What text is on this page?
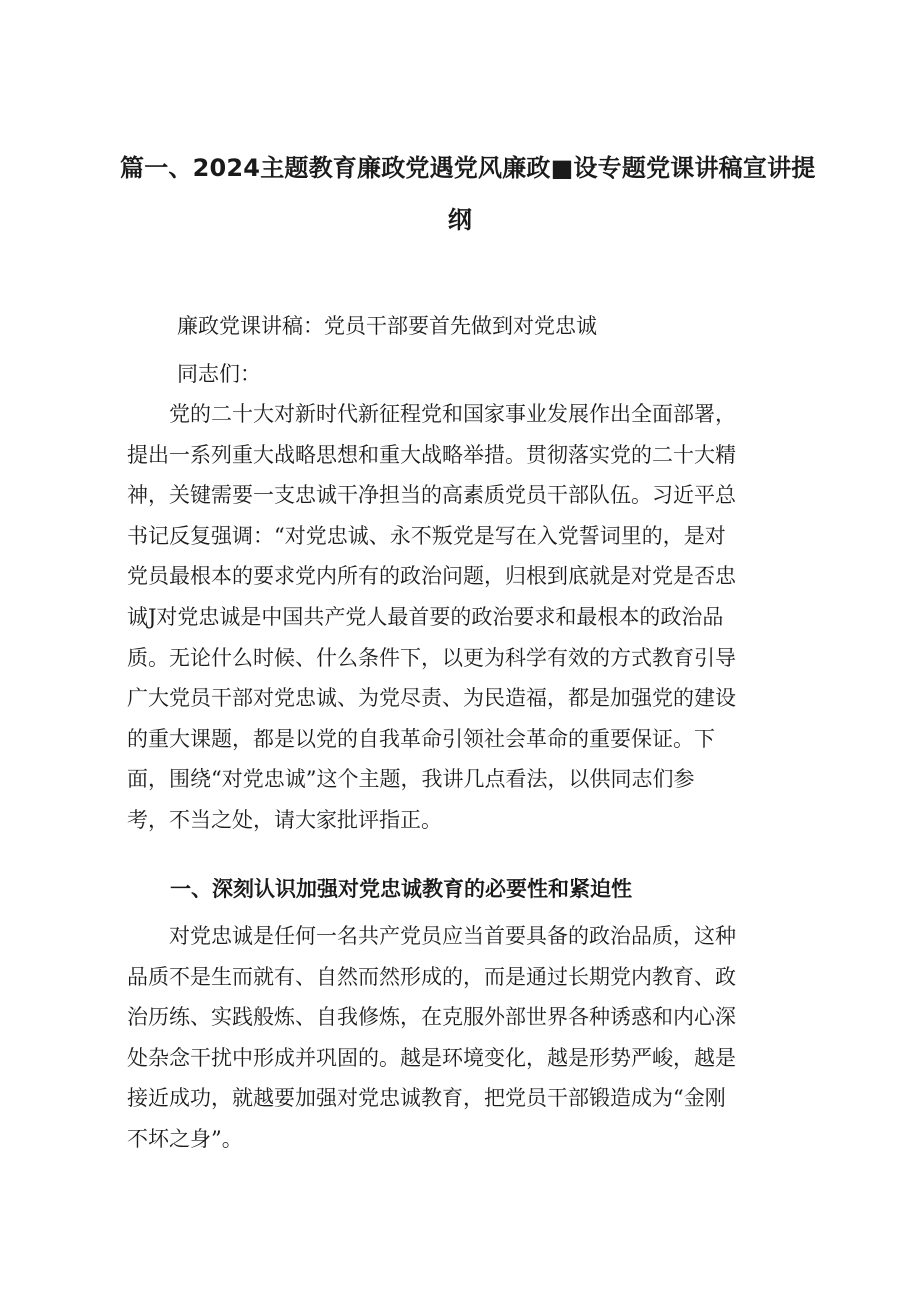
篇一、2024主题教育廉政党遇党风廉政■设专题党课讲稿宣讲提
纲

廉政党课讲稿：党员干部要首先做到对党忠诚

同志们：

党的二十大对新时代新征程党和国家事业发展作出全面部署，
提出一系列重大战略思想和重大战略举措。贯彻落实党的二十大精
神，关键需要一支忠诚干净担当的高素质党员干部队伍。习近平总
书记反复强调：“对党忠诚、永不叛党是写在入党誓词里的，是对
党员最根本的要求党内所有的政治问题，归根到底就是对党是否忠
诚J对党忠诚是中国共产党人最首要的政治要求和最根本的政治品
质。无论什么时候、什么条件下，以更为科学有效的方式教育引导
广大党员干部对党忠诚、为党尽责、为民造福，都是加强党的建设
的重大课题，都是以党的自我革命引领社会革命的重要保证。下
面，围绕“对党忠诚”这个主题，我讲几点看法，以供同志们参
考，不当之处，请大家批评指正。
一、深刻认识加强对党忠诚教育的必要性和紧迫性
对党忠诚是任何一名共产党员应当首要具备的政治品质，这种
品质不是生而就有、自然而然形成的，而是通过长期党内教育、政
治历练、实践般炼、自我修炼，在克服外部世界各种诱惑和内心深
处杂念干扰中形成并巩固的。越是环境变化，越是形势严峻，越是
接近成功，就越要加强对党忠诚教育，把党员干部锻造成为“金刚
不坏之身”。
